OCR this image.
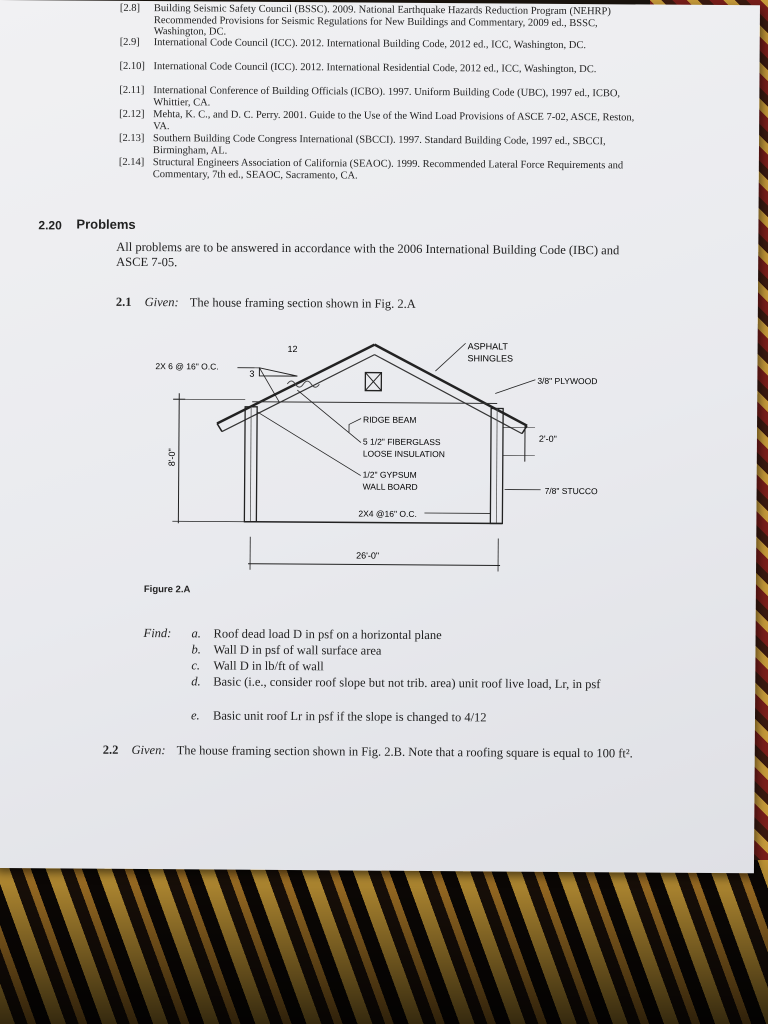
[2.8]	Building Seismic Safety Council (BSSC). 2009. National Earthquake Hazards Reduction Program (NEHRP) Recommended Provisions for Seismic Regulations for New Buildings and Commentary, 2009 ed., BSSC, Washington, DC.
[2.9]	International Code Council (ICC). 2012. International Building Code, 2012 ed., ICC, Washington, DC.
[2.10] International Code Council (ICC). 2012. International Residential Code, 2012 ed., ICC, Washington, DC.
[2.11] International Conference of Building Officials (ICBO). 1997. Uniform Building Code (UBC), 1997 ed., ICBO, Whittier, CA.
[2.12] Mehta, K. C., and D. C. Perry. 2001. Guide to the Use of the Wind Load Provisions of ASCE 7-02, ASCE, Reston, VA.
[2.13] Southern Building Code Congress International (SBCCI). 1997. Standard Building Code, 1997 ed., SBCCI, Birmingham, AL.
[2.14] Structural Engineers Association of California (SEAOC). 1999. Recommended Lateral Force Requirements and Commentary, 7th ed., SEAOC, Sacramento, CA.
2.20 Problems
All problems are to be answered in accordance with the 2006 International Building Code (IBC) and ASCE 7-05.
2.1 Given: The house framing section shown in Fig. 2.A
8'-0"
26'-0"
2'-0"
12
3
2X 6 @ 16" O.C.
ASPHALT
SHINGLES
3/8" PLYWOOD
RIDGE BEAM
5 1/2" FIBERGLASS
LOOSE INSULATION
1/2" GYPSUM
WALL BOARD	7/8" STUCCO
2X4 @16" O.C.
Figure 2.A
Find: a. Roof dead load D in psf on a horizontal plane
b. Wall D in psf of wall surface area
c. Wall D in lb/ft of wall
d. Basic (i.e., consider roof slope but not trib. area) unit roof live load, Lr, in psf
e. Basic unit roof Lr in psf if the slope is changed to 4/12
2.2 Given: The house framing section shown in Fig. 2.B. Note that a roofing square is equal to 100 ft².
